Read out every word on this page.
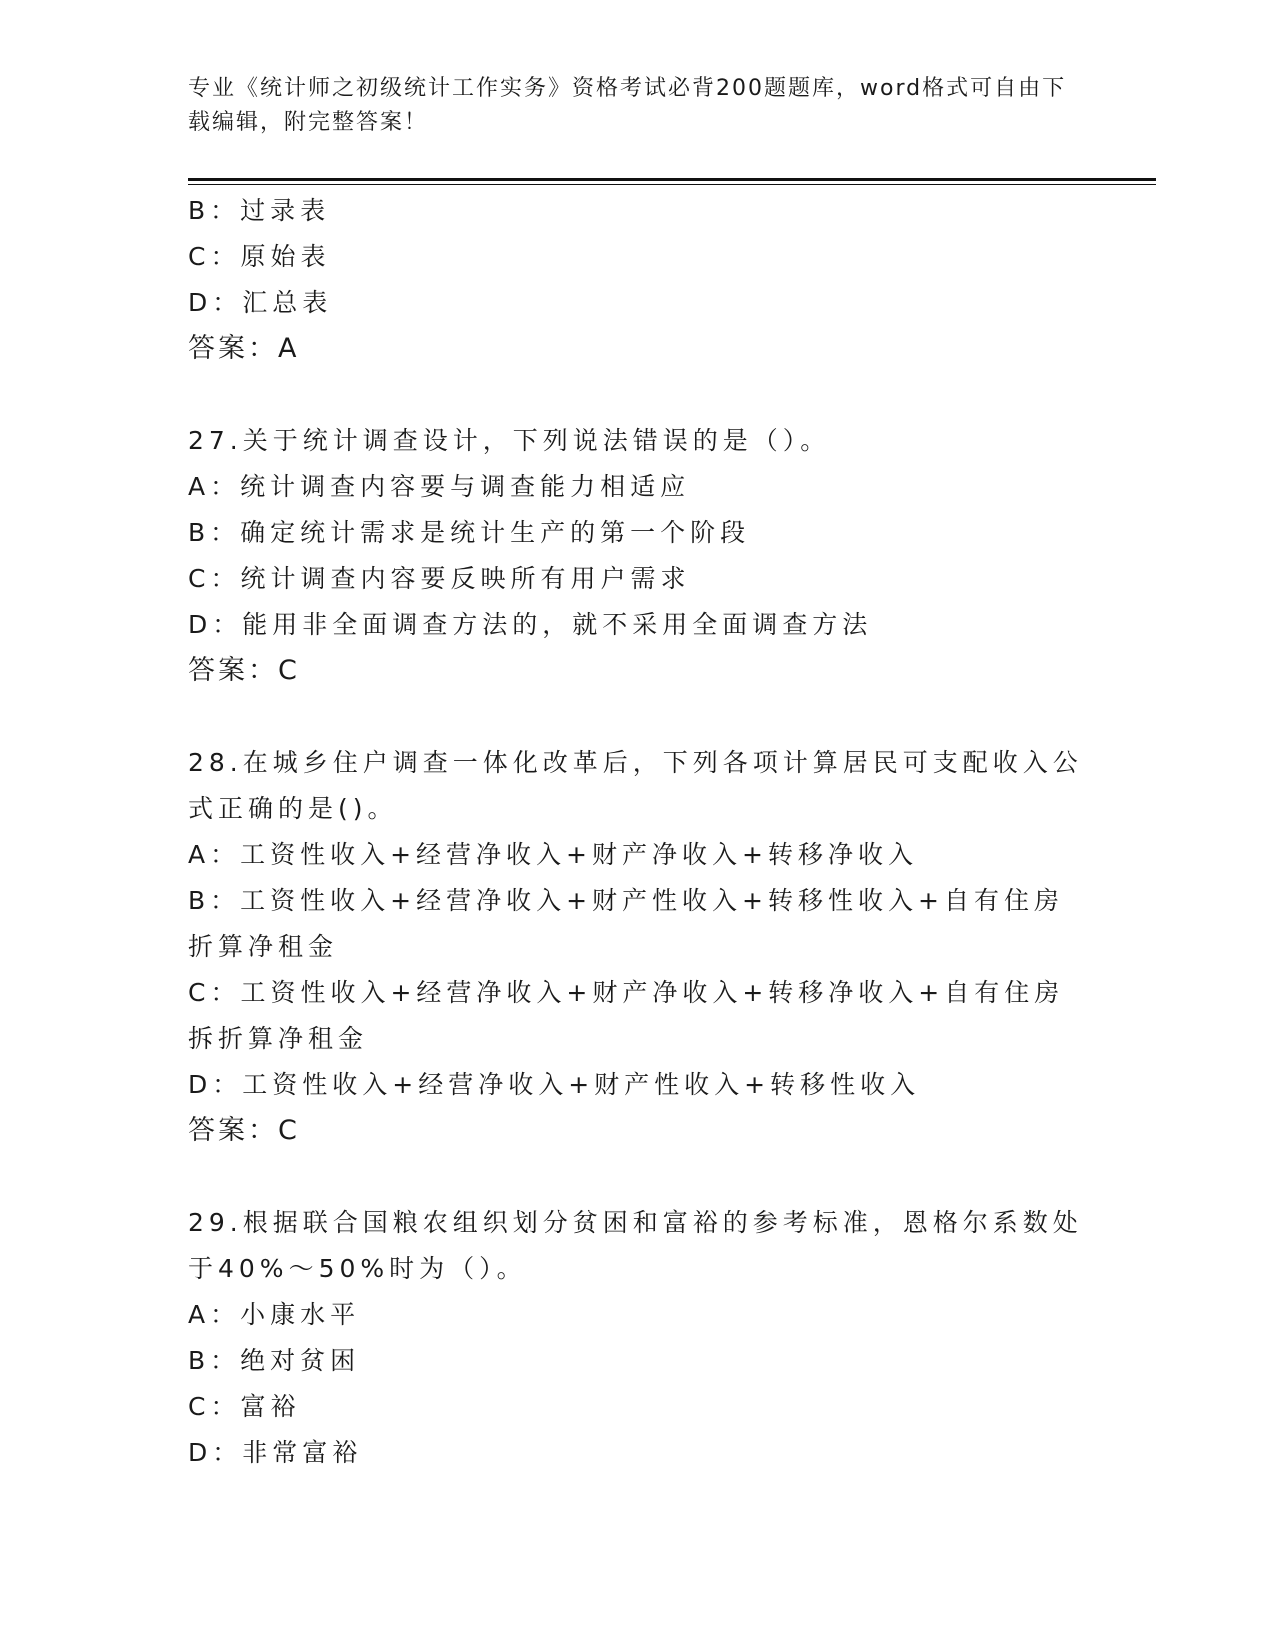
专业《统计师之初级统计工作实务》资格考试必背200题题库，word格式可自由下载编辑，附完整答案！
B：过录表
C：原始表
D：汇总表
答案：A
27.关于统计调查设计，下列说法错误的是（）。
A：统计调查内容要与调查能力相适应
B：确定统计需求是统计生产的第一个阶段
C：统计调查内容要反映所有用户需求
D：能用非全面调查方法的，就不采用全面调查方法
答案：C
28.在城乡住户调查一体化改革后，下列各项计算居民可支配收入公式正确的是()。
A：工资性收入+经营净收入+财产净收入+转移净收入
B：工资性收入+经营净收入+财产性收入+转移性收入+自有住房折算净租金
C：工资性收入+经营净收入+财产净收入+转移净收入+自有住房拆折算净租金
D：工资性收入+经营净收入+财产性收入+转移性收入
答案：C
29.根据联合国粮农组织划分贫困和富裕的参考标准，恩格尔系数处于40%～50%时为（）。
A：小康水平
B：绝对贫困
C：富裕
D：非常富裕
